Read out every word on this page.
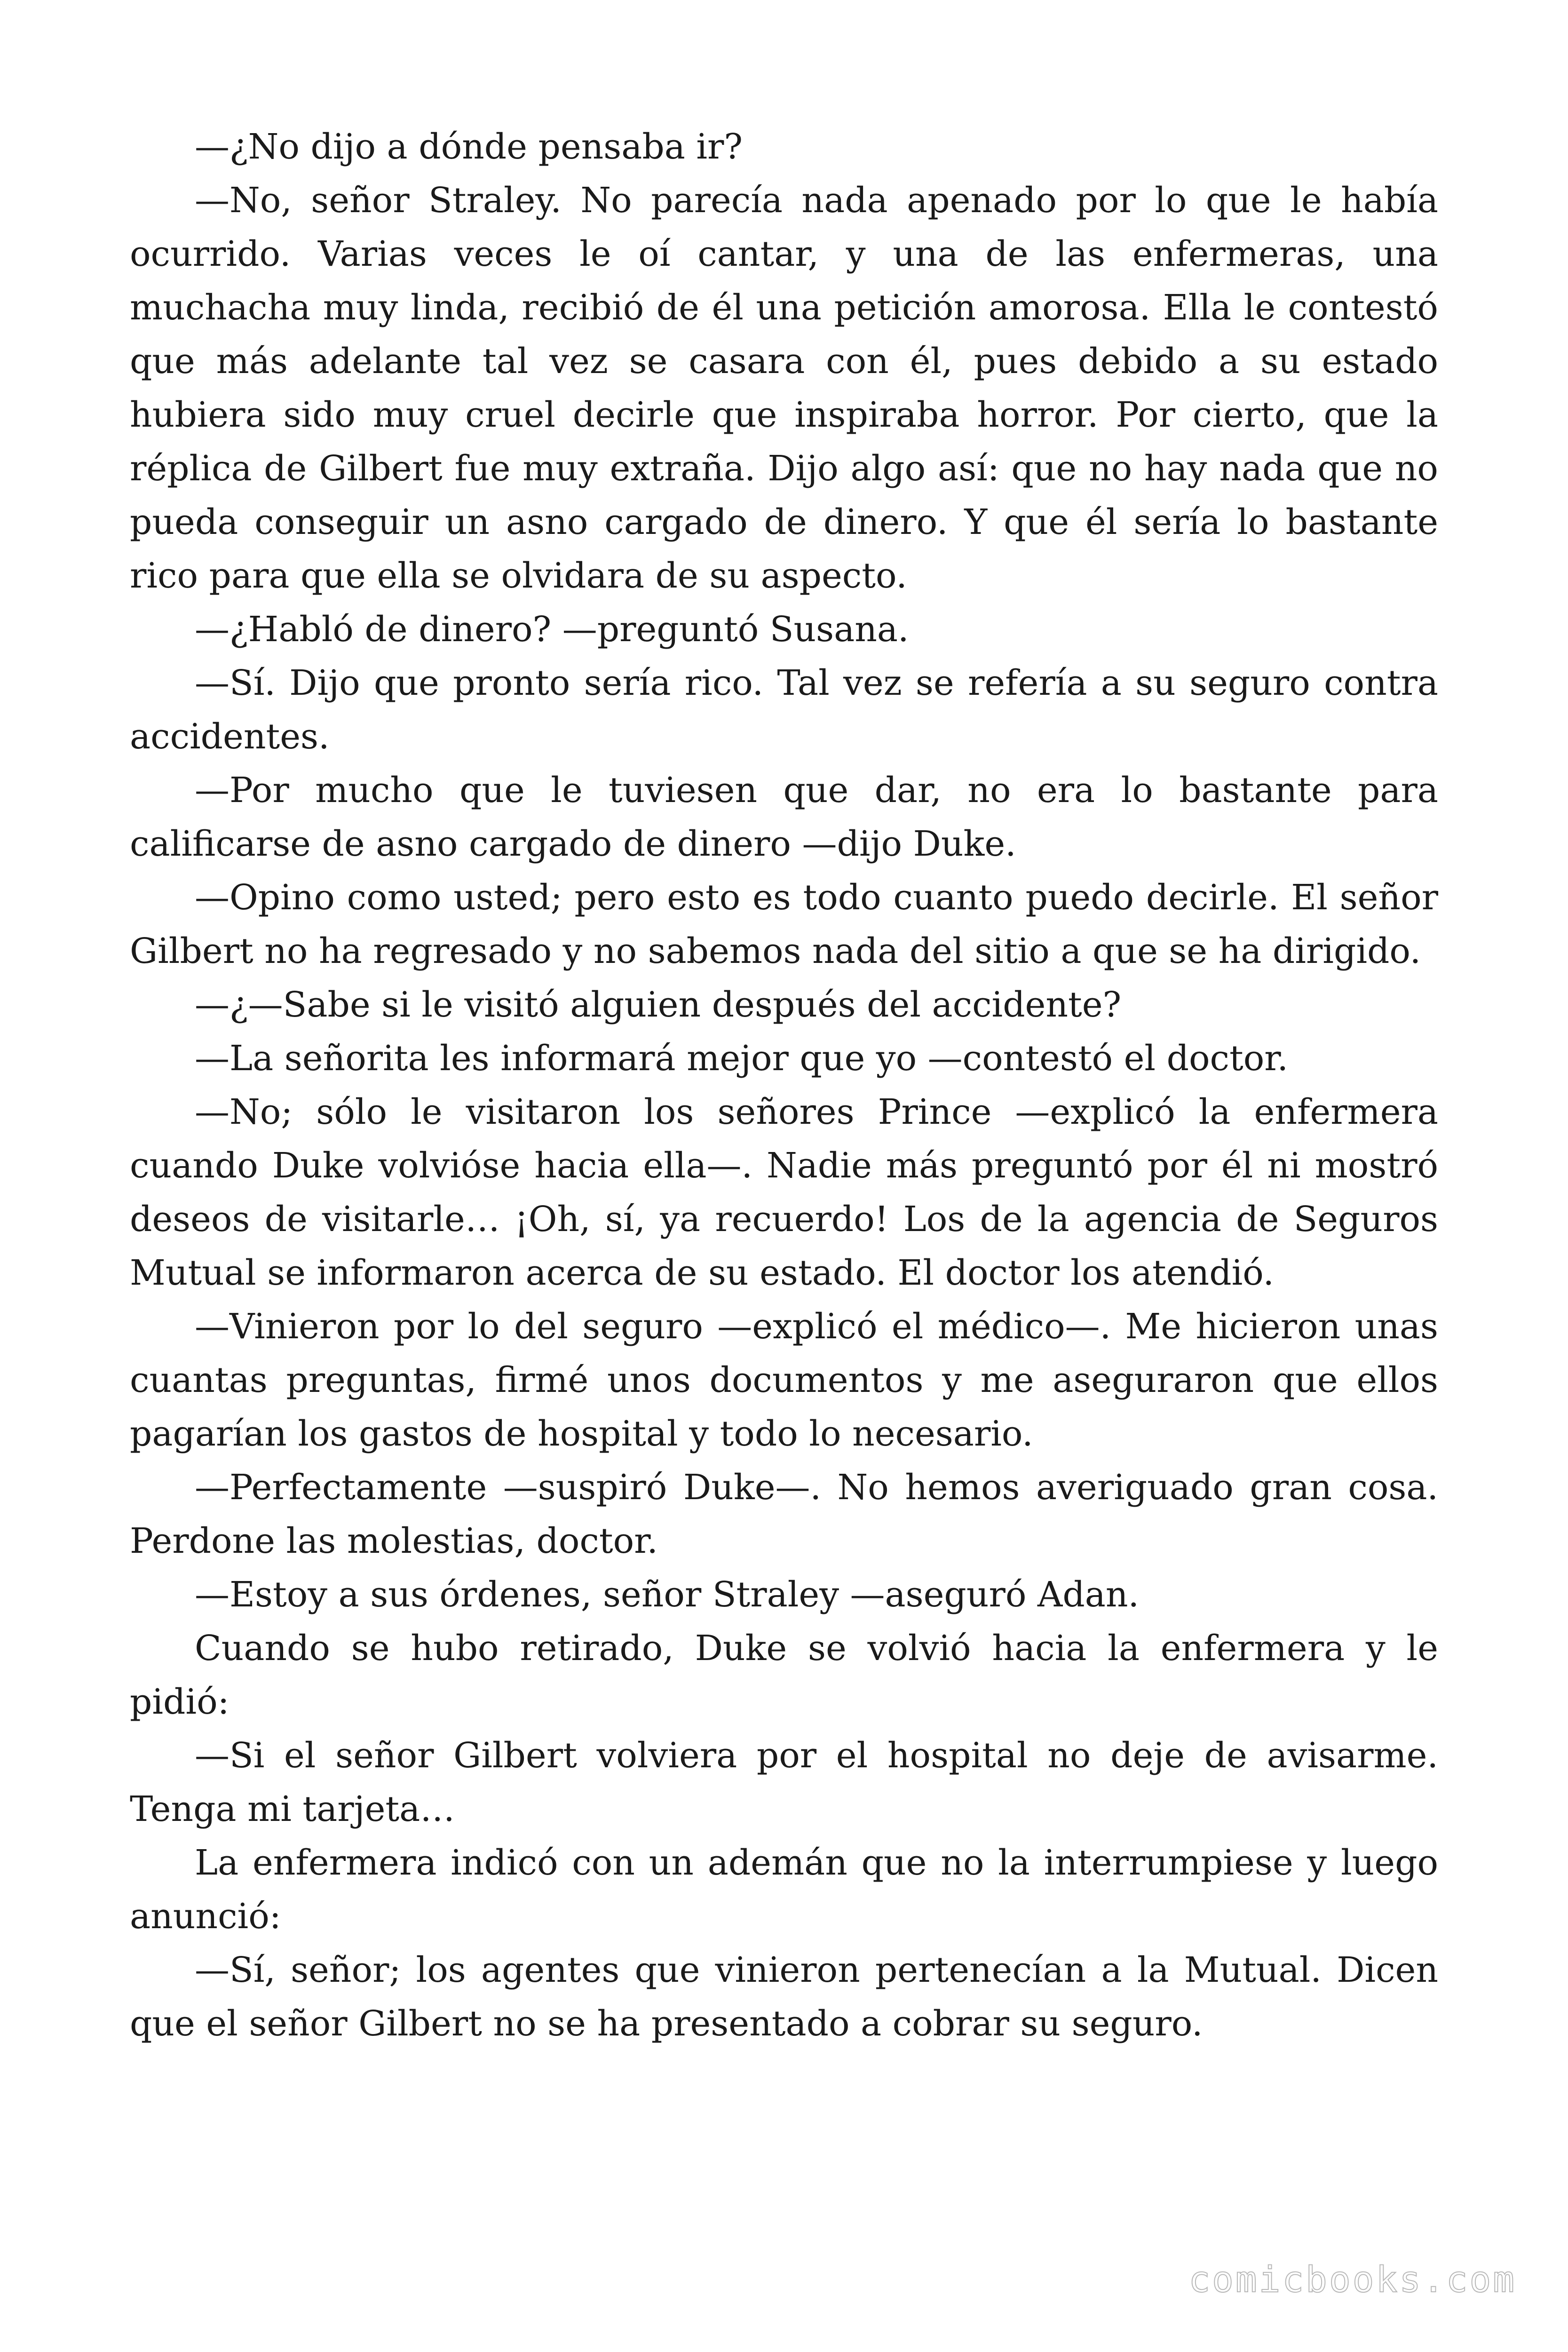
—¿No dijo a dónde pensaba ir?

—No, señor Straley. No parecía nada apenado por lo que le había ocurrido. Varias veces le oí cantar, y una de las enfermeras, una muchacha muy linda, recibió de él una petición amorosa. Ella le contestó que más adelante tal vez se casara con él, pues debido a su estado hubiera sido muy cruel decirle que inspiraba horror. Por cierto, que la réplica de Gilbert fue muy extraña. Dijo algo así: que no hay nada que no pueda conseguir un asno cargado de dinero. Y que él sería lo bastante rico para que ella se olvidara de su aspecto.

—¿Habló de dinero? —preguntó Susana.

—Sí. Dijo que pronto sería rico. Tal vez se refería a su seguro contra accidentes.

—Por mucho que le tuviesen que dar, no era lo bastante para calificarse de asno cargado de dinero —dijo Duke.

—Opino como usted; pero esto es todo cuanto puedo decirle. El señor Gilbert no ha regresado y no sabemos nada del sitio a que se ha dirigido.

—¿—Sabe si le visitó alguien después del accidente?

—La señorita les informará mejor que yo —contestó el doctor.

—No; sólo le visitaron los señores Prince —explicó la enfermera cuando Duke volvióse hacia ella—. Nadie más preguntó por él ni mostró deseos de visitarle… ¡Oh, sí, ya recuerdo! Los de la agencia de Seguros Mutual se informaron acerca de su estado. El doctor los atendió.

—Vinieron por lo del seguro —explicó el médico—. Me hicieron unas cuantas preguntas, firmé unos documentos y me aseguraron que ellos pagarían los gastos de hospital y todo lo necesario.

—Perfectamente —suspiró Duke—. No hemos averiguado gran cosa. Perdone las molestias, doctor.

—Estoy a sus órdenes, señor Straley —aseguró Adan.

Cuando se hubo retirado, Duke se volvió hacia la enfermera y le pidió:

—Si el señor Gilbert volviera por el hospital no deje de avisarme. Tenga mi tarjeta…

La enfermera indicó con un ademán que no la interrumpiese y luego anunció:

—Sí, señor; los agentes que vinieron pertenecían a la Mutual. Dicen que el señor Gilbert no se ha presentado a cobrar su seguro.

comicbooks.com
